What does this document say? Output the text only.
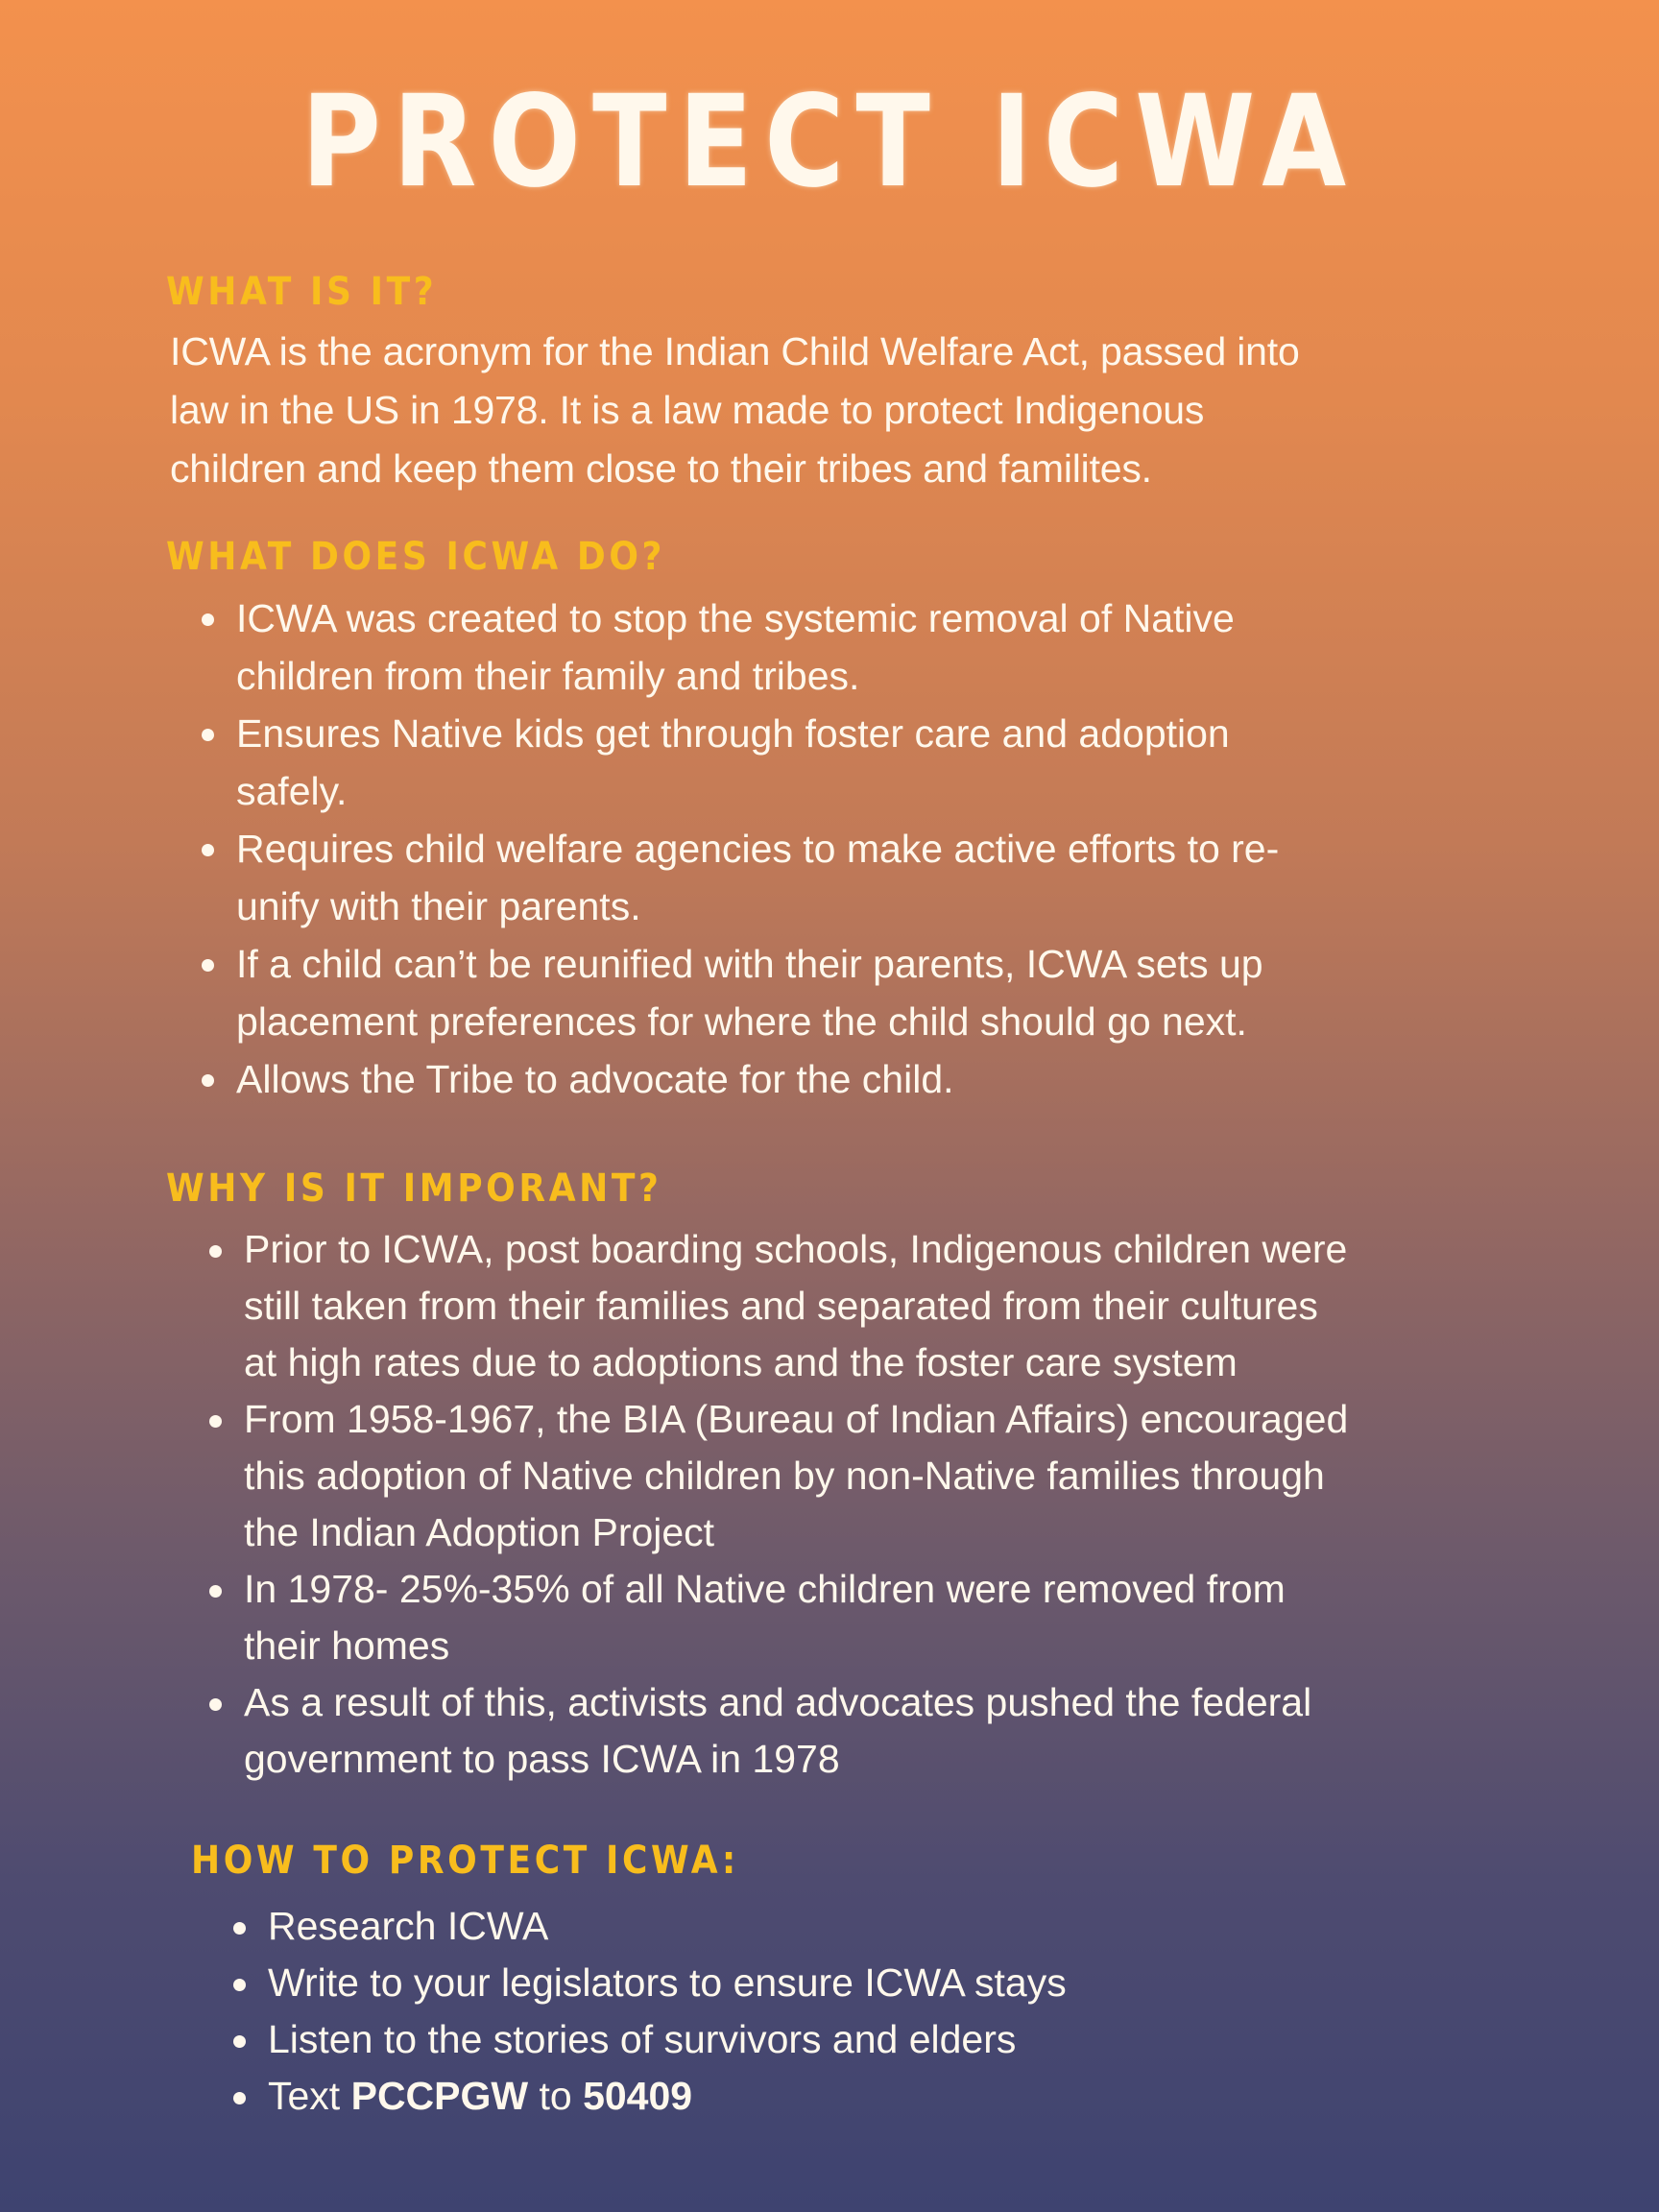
PROTECT ICWA
WHAT IS IT?
ICWA is the acronym for the Indian Child Welfare Act, passed into
law in the US in 1978. It is a law made to protect Indigenous
children and keep them close to their tribes and familites.
WHAT DOES ICWA DO?
ICWA was created to stop the systemic removal of Native
children from their family and tribes.
Ensures Native kids get through foster care and adoption
safely.
Requires child welfare agencies to make active efforts to re-
unify with their parents.
If a child can’t be reunified with their parents, ICWA sets up
placement preferences for where the child should go next.
Allows the Tribe to advocate for the child.
WHY IS IT IMPORANT?
Prior to ICWA, post boarding schools, Indigenous children were
still taken from their families and separated from their cultures
at high rates due to adoptions and the foster care system
From 1958-1967, the BIA (Bureau of Indian Affairs) encouraged
this adoption of Native children by non-Native families through
the Indian Adoption Project
In 1978- 25%-35% of all Native children were removed from
their homes
As a result of this, activists and advocates pushed the federal
government to pass ICWA in 1978
HOW TO PROTECT ICWA:
Research ICWA
Write to your legislators to ensure ICWA stays
Listen to the stories of survivors and elders
Text PCCPGW to 50409
